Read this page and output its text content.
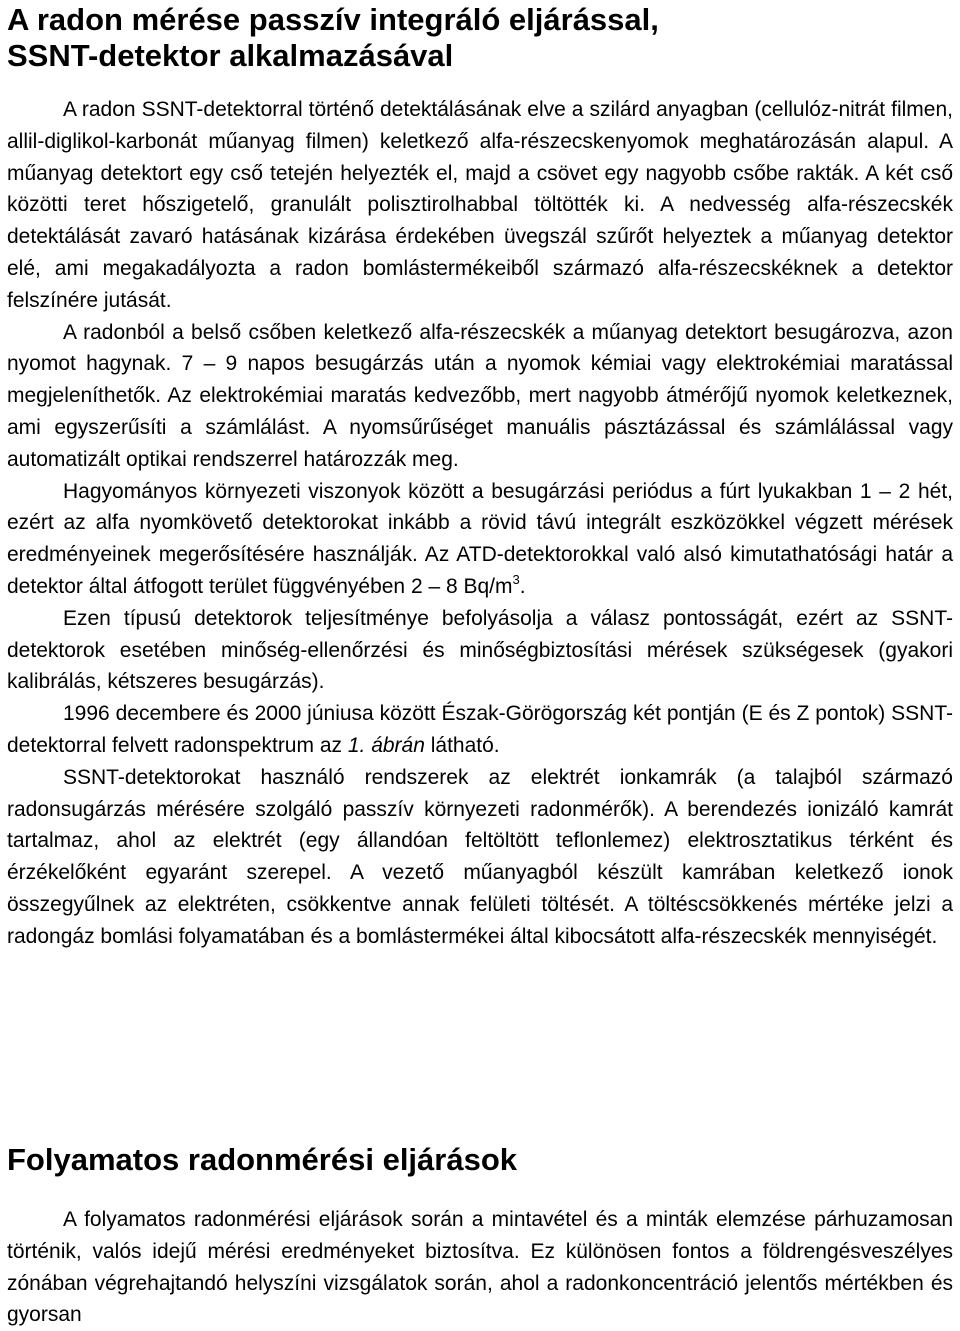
A radon mérése passzív integráló eljárással,
SSNT-detektor alkalmazásával

A radon SSNT-detektorral történő detektálásának elve a szilárd anyagban (cellulóz-nitrát filmen, allil-diglikol-karbonát műanyag filmen) keletkező alfa-részecskenyomok meghatározásán alapul. A műanyag detektort egy cső tetején helyezték el, majd a csövet egy nagyobb csőbe rakták. A két cső közötti teret hőszigetelő, granulált polisztirolhabbal töltötték ki. A nedvesség alfa-részecskék detektálását zavaró hatásának kizárása érdekében üvegszál szűrőt helyeztek a műanyag detektor elé, ami megakadályozta a radon bomlástermékeiből származó alfa-részecskéknek a detektor felszínére jutását.

A radonból a belső csőben keletkező alfa-részecskék a műanyag detektort besugározva, azon nyomot hagynak. 7 – 9 napos besugárzás után a nyomok kémiai vagy elektrokémiai maratással megjeleníthetők. Az elektrokémiai maratás kedvezőbb, mert nagyobb átmérőjű nyomok keletkeznek, ami egyszerűsíti a számlálást. A nyomsűrűséget manuális pásztázással és számlálással vagy automatizált optikai rendszerrel határozzák meg.

Hagyományos környezeti viszonyok között a besugárzási periódus a fúrt lyukakban 1 – 2 hét, ezért az alfa nyomkövető detektorokat inkább a rövid távú integrált eszközökkel végzett mérések eredményeinek megerősítésére használják. Az ATD-detektorokkal való alsó kimutathatósági határ a detektor által átfogott terület függvényében 2 – 8 $Bq/m^3$.

Ezen típusú detektorok teljesítménye befolyásolja a válasz pontosságát, ezért az SSNT-detektorok esetében minőség-ellenőrzési és minőségbiztosítási mérések szükségesek (gyakori kalibrálás, kétszeres besugárzás).

1996 decembere és 2000 júniusa között Észak-Görögország két pontján (E és Z pontok) SSNT-detektorral felvett radonspektrum az 1. ábrán látható.

SSNT-detektorokat használó rendszerek az elektrét ionkamrák (a talajból származó radonsugárzás mérésére szolgáló passzív környezeti radonmérők). A berendezés ionizáló kamrát tartalmaz, ahol az elektrét (egy állandóan feltöltött teflonlemez) elektrosztatikus térként és érzékelőként egyaránt szerepel. A vezető műanyagból készült kamrában keletkező ionok összegyűlnek az elektréten, csökkentve annak felületi töltését. A töltéscsökkenés mértéke jelzi a radongáz bomlási folyamatában és a bomlástermékei által kibocsátott alfa-részecskék mennyiségét.

Folyamatos radonmérési eljárások

A folyamatos radonmérési eljárások során a mintavétel és a minták elemzése párhuzamosan történik, valós idejű mérési eredményeket biztosítva. Ez különösen fontos a földrengésveszélyes zónában végrehajtandó helyszíni vizsgálatok során, ahol a radonkoncentráció jelentős mértékben és gyorsan
